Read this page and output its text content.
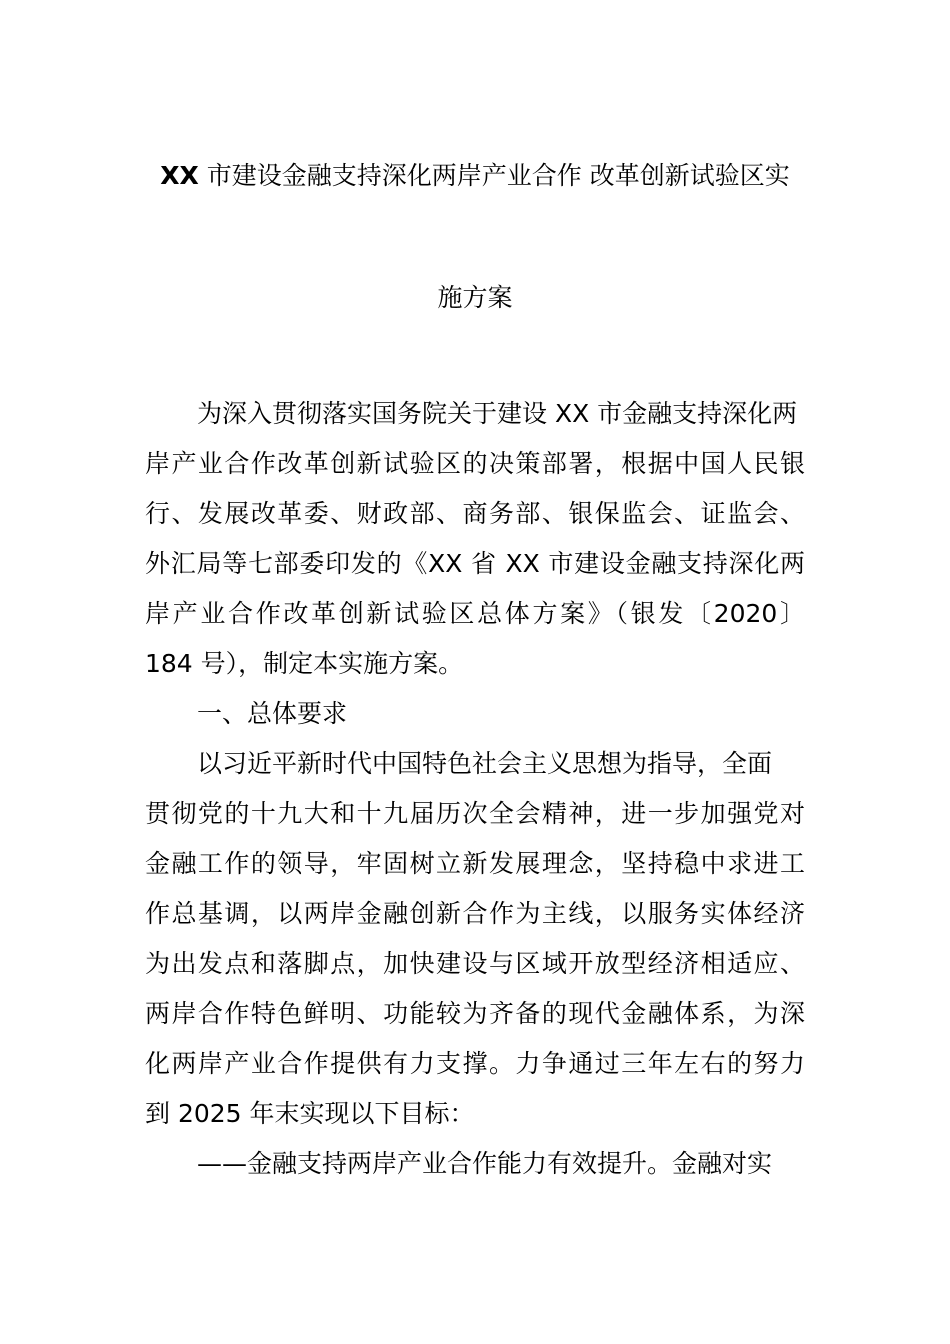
XX 市建设金融支持深化两岸产业合作 改革创新试验区实
施方案
为深入贯彻落实国务院关于建设 XX 市金融支持深化两
岸产业合作改革创新试验区的决策部署，根据中国人民银
行、发展改革委、财政部、商务部、银保监会、证监会、
外汇局等七部委印发的《XX 省 XX 市建设金融支持深化两
岸产业合作改革创新试验区总体方案》（银发〔2020〕
184 号），制定本实施方案。
一、总体要求
以习近平新时代中国特色社会主义思想为指导，全面
贯彻党的十九大和十九届历次全会精神，进一步加强党对
金融工作的领导，牢固树立新发展理念，坚持稳中求进工
作总基调，以两岸金融创新合作为主线，以服务实体经济
为出发点和落脚点，加快建设与区域开放型经济相适应、
两岸合作特色鲜明、功能较为齐备的现代金融体系，为深
化两岸产业合作提供有力支撑。力争通过三年左右的努力
到 2025 年末实现以下目标：
——金融支持两岸产业合作能力有效提升。金融对实
